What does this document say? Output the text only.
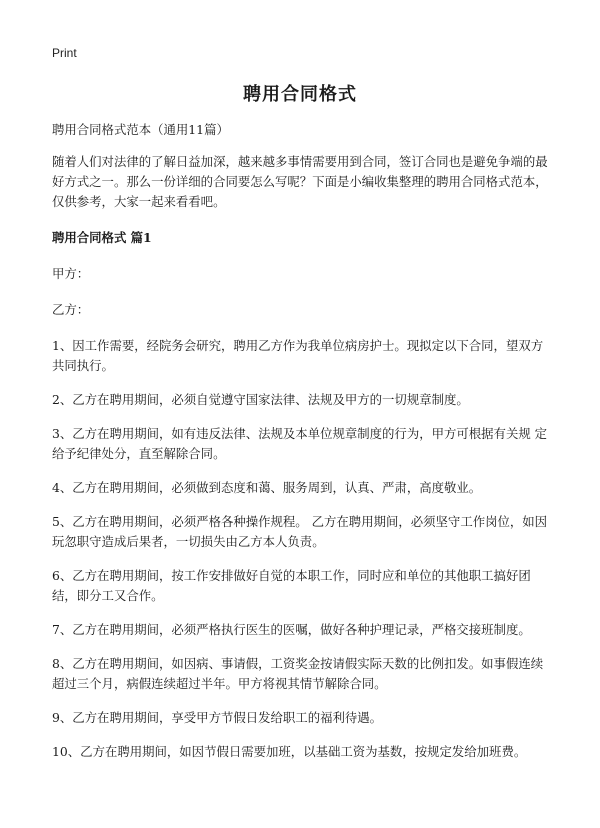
Print
聘用合同格式

聘用合同格式范本（通用11篇）

随着人们对法律的了解日益加深，越来越多事情需要用到合同，签订合同也是避免争端的最好方式之一。那么一份详细的合同要怎么写呢？下面是小编收集整理的聘用合同格式范本，仅供参考，大家一起来看看吧。

聘用合同格式 篇1

甲方：

乙方：

1、因工作需要，经院务会研究，聘用乙方作为我单位病房护士。现拟定以下合同，望双方共同执行。

2、乙方在聘用期间，必须自觉遵守国家法律、法规及甲方的一切规章制度。

3、乙方在聘用期间，如有违反法律、法规及本单位规章制度的行为，甲方可根据有关规 定给予纪律处分，直至解除合同。

4、乙方在聘用期间，必须做到态度和蔼、服务周到，认真、严肃，高度敬业。

5、乙方在聘用期间，必须严格各种操作规程。 乙方在聘用期间，必须坚守工作岗位，如因玩忽职守造成后果者，一切损失由乙方本人负责。

6、乙方在聘用期间，按工作安排做好自觉的本职工作，同时应和单位的其他职工搞好团结，即分工又合作。

7、乙方在聘用期间，必须严格执行医生的医嘱，做好各种护理记录，严格交接班制度。

8、乙方在聘用期间，如因病、事请假，工资奖金按请假实际天数的比例扣发。如事假连续超过三个月，病假连续超过半年。甲方将视其情节解除合同。

9、乙方在聘用期间，享受甲方节假日发给职工的福利待遇。

10、乙方在聘用期间，如因节假日需要加班，以基础工资为基数，按规定发给加班费。
